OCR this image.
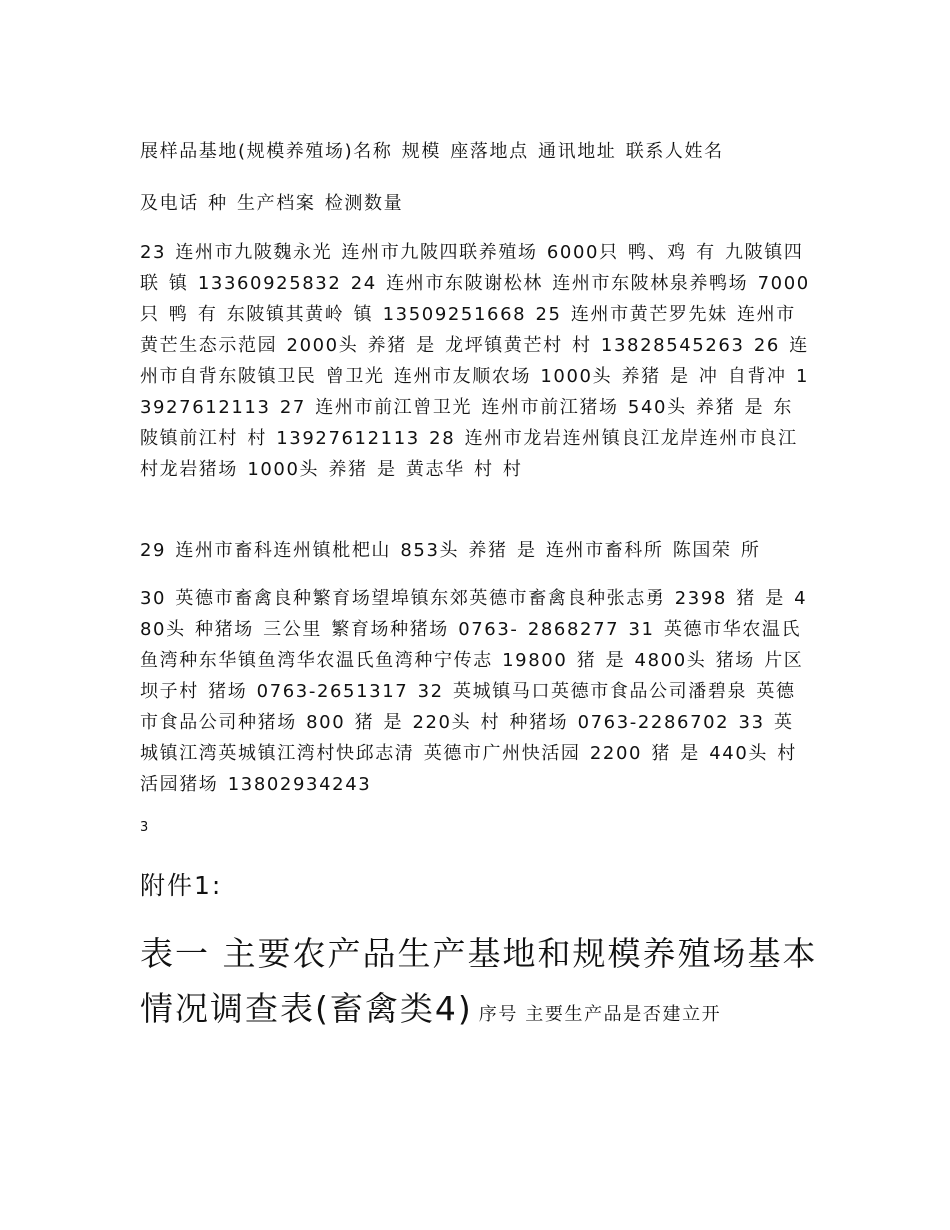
展样品基地(规模养殖场)名称 规模 座落地点 通讯地址 联系人姓名

及电话 种 生产档案 检测数量

23 连州市九陂魏永光 连州市九陂四联养殖场 6000只 鸭、鸡 有 九陂镇四联 镇 13360925832 24 连州市东陂谢松林 连州市东陂林泉养鸭场 7000只 鸭 有 东陂镇其黄岭 镇 13509251668 25 连州市黄芒罗先妹 连州市黄芒生态示范园 2000头 养猪 是 龙坪镇黄芒村 村 13828545263 26 连州市自背东陂镇卫民 曾卫光 连州市友顺农场 1000头 养猪 是 冲 自背冲 13927612113 27 连州市前江曾卫光 连州市前江猪场 540头 养猪 是 东陂镇前江村 村 13927612113 28 连州市龙岩连州镇良江龙岸连州市良江村龙岩猪场 1000头 养猪 是 黄志华 村 村

29 连州市畜科连州镇枇杷山 853头 养猪 是 连州市畜科所 陈国荣 所

30 英德市畜禽良种繁育场望埠镇东郊英德市畜禽良种张志勇 2398 猪 是 480头 种猪场 三公里 繁育场种猪场 0763- 2868277 31 英德市华农温氏鱼湾种东华镇鱼湾华农温氏鱼湾种宁传志 19800 猪 是 4800头 猪场 片区坝子村 猪场 0763-2651317 32 英城镇马口英德市食品公司潘碧泉 英德市食品公司种猪场 800 猪 是 220头 村 种猪场 0763-2286702 33 英城镇江湾英城镇江湾村快邱志清 英德市广州快活园 2200 猪 是 440头 村 活园猪场 13802934243

3

附件1:

表一 主要农产品生产基地和规模养殖场基本情况调查表(畜禽类4) 序号 主要生产品是否建立开
